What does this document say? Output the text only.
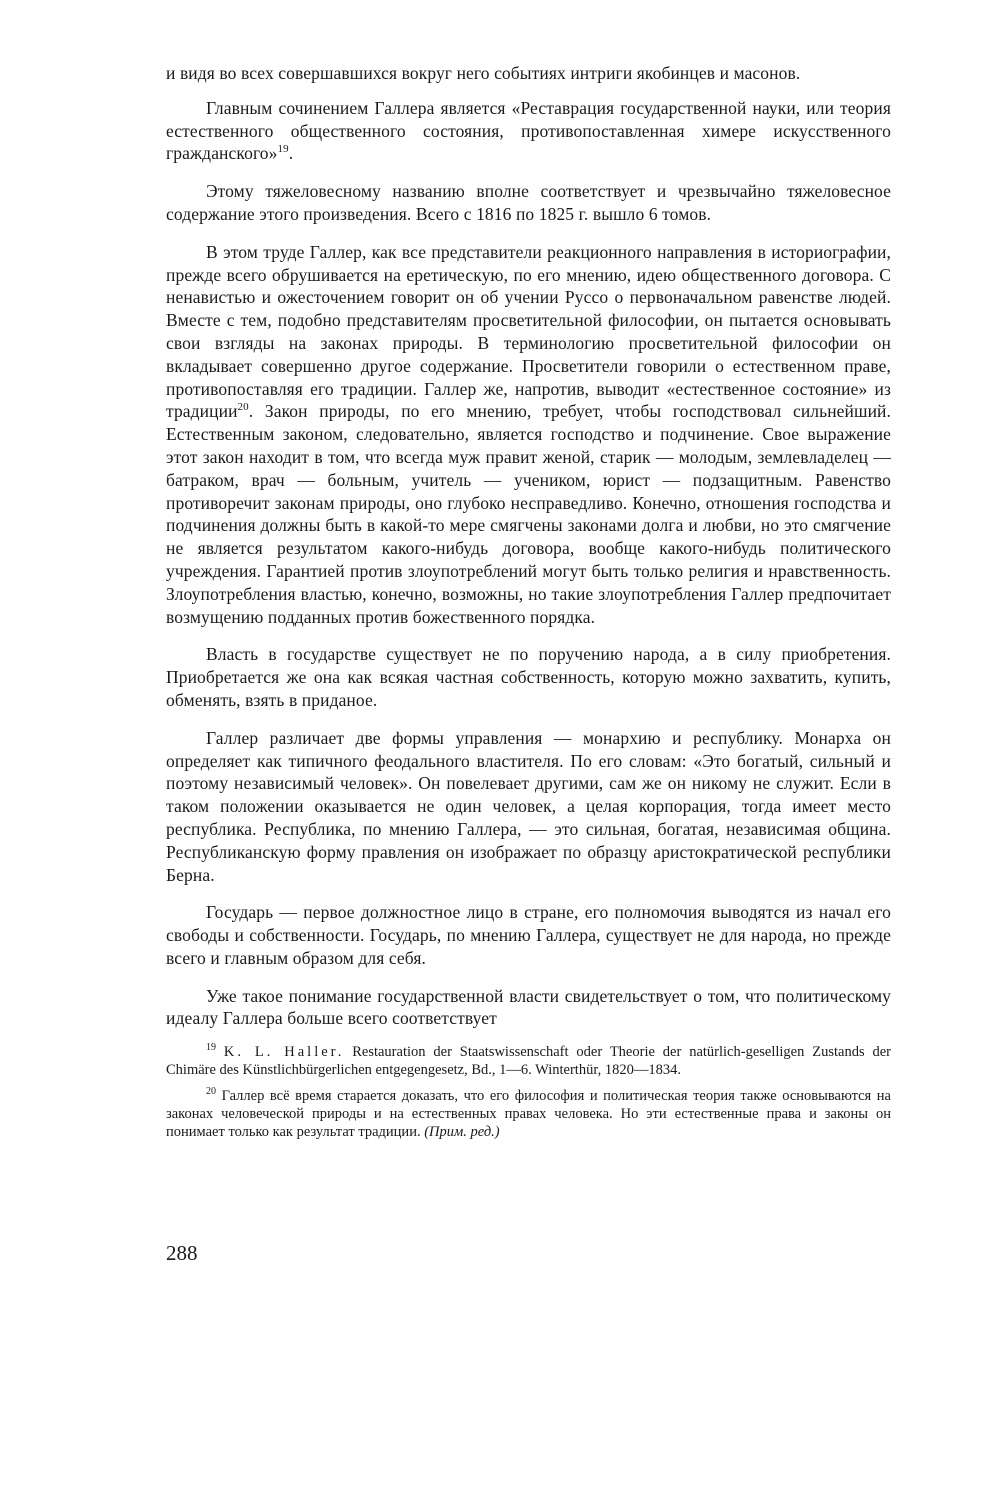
и видя во всех совершавшихся вокруг него событиях интриги якобинцев и масонов.

Главным сочинением Галлера является «Реставрация государственной науки, или теория естественного общественного состояния, противопоставленная химере искусственного гражданского»$^{19}$.

Этому тяжеловесному названию вполне соответствует и чрезвычайно тяжеловесное содержание этого произведения. Всего с 1816 по 1825 г. вышло 6 томов.

В этом труде Галлер, как все представители реакционного направления в историографии, прежде всего обрушивается на еретическую, по его мнению, идею общественного договора. С ненавистью и ожесточением говорит он об учении Руссо о первоначальном равенстве людей. Вместе с тем, подобно представителям просветительной философии, он пытается основывать свои взгляды на законах природы. В терминологию просветительной философии он вкладывает совершенно другое содержание. Просветители говорили о естественном праве, противопоставляя его традиции. Галлер же, напротив, выводит «естественное состояние» из традиции$^{20}$. Закон природы, по его мнению, требует, чтобы господствовал сильнейший. Естественным законом, следовательно, является господство и подчинение. Свое выражение этот закон находит в том, что всегда муж правит женой, старик — молодым, землевладелец — батраком, врач — больным, учитель — учеником, юрист — подзащитным. Равенство противоречит законам природы, оно глубоко несправедливо. Конечно, отношения господства и подчинения должны быть в какой-то мере смягчены законами долга и любви, но это смягчение не является результатом какого-нибудь договора, вообще какого-нибудь политического учреждения. Гарантией против злоупотреблений могут быть только религия и нравственность. Злоупотребления властью, конечно, возможны, но такие злоупотребления Галлер предпочитает возмущению подданных против божественного порядка.

Власть в государстве существует не по поручению народа, а в силу приобретения. Приобретается же она как всякая частная собственность, которую можно захватить, купить, обменять, взять в приданое.

Галлер различает две формы управления — монархию и республику. Монарха он определяет как типичного феодального властителя. По его словам: «Это богатый, сильный и поэтому независимый человек». Он повелевает другими, сам же он никому не служит. Если в таком положении оказывается не один человек, а целая корпорация, тогда имеет место республика. Республика, по мнению Галлера, — это сильная, богатая, независимая община. Республиканскую форму правления он изображает по образцу аристократической республики Берна.

Государь — первое должностное лицо в стране, его полномочия выводятся из начал его свободы и собственности. Государь, по мнению Галлера, существует не для народа, но прежде всего и главным образом для себя.

Уже такое понимание государственной власти свидетельствует о том, что политическому идеалу Галлера больше всего соответствует

$^{19}$ K. L. Haller. Restauration der Staatswissenschaft oder Theorie der natürlich-geselligen Zustands der Chimäre des Künstlichbürgerlichen entgegengesetz, Bd., 1—6. Winterthür, 1820—1834.

$^{20}$ Галлер всё время старается доказать, что его философия и политическая теория также основываются на законах человеческой природы и на естественных правах человека. Но эти естественные права и законы он понимает только как результат традиции. (Прим. ред.)

288
